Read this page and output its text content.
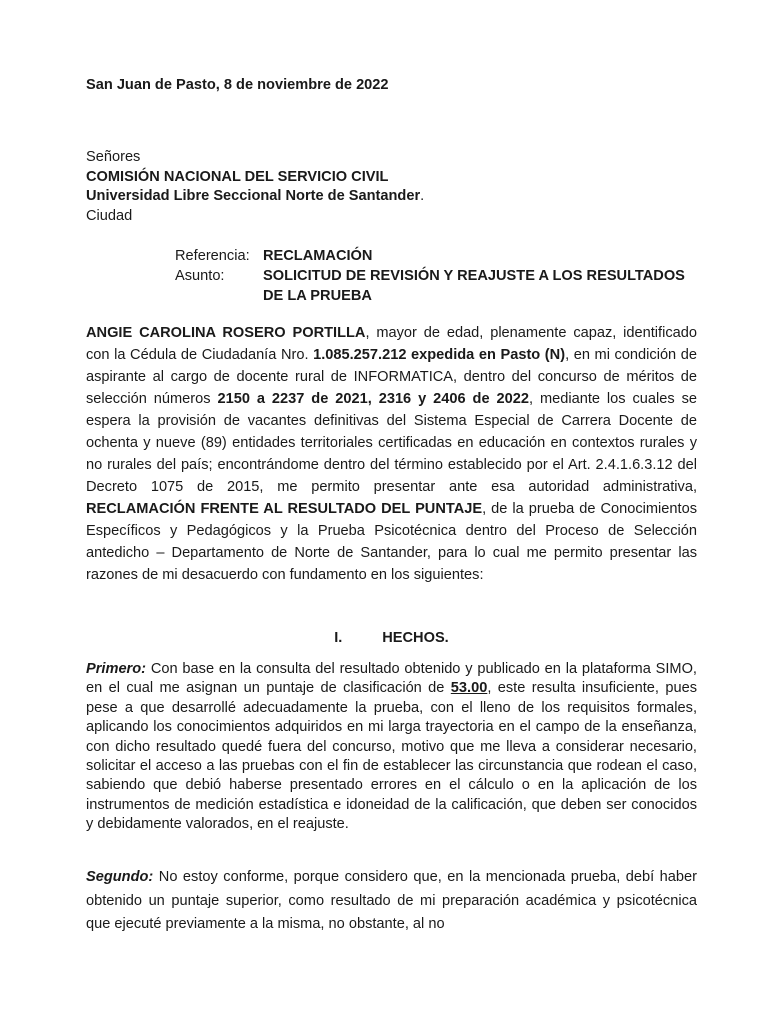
San Juan de Pasto, 8 de noviembre de 2022

Señores
COMISIÓN NACIONAL DEL SERVICIO CIVIL
Universidad Libre Seccional Norte de Santander.
Ciudad
Referencia: RECLAMACIÓN
Asunto:	SOLICITUD DE REVISIÓN Y REAJUSTE A LOS RESULTADOS DE LA PRUEBA

ANGIE CAROLINA ROSERO PORTILLA, mayor de edad, plenamente capaz, identificado con la Cédula de Ciudadanía Nro. 1.085.257.212 expedida en Pasto (N), en mi condición de aspirante al cargo de docente rural de INFORMATICA, dentro del concurso de méritos de selección números 2150 a 2237 de 2021, 2316 y 2406 de 2022, mediante los cuales se espera la provisión de vacantes definitivas del Sistema Especial de Carrera Docente de ochenta y nueve (89) entidades territoriales certificadas en educación en contextos rurales y no rurales del país; encontrándome dentro del término establecido por el Art. 2.4.1.6.3.12 del Decreto 1075 de 2015, me permito presentar ante esa autoridad administrativa, RECLAMACIÓN FRENTE AL RESULTADO DEL PUNTAJE, de la prueba de Conocimientos Específicos y Pedagógicos y la Prueba Psicotécnica dentro del Proceso de Selección antedicho – Departamento de Norte de Santander, para lo cual me permito presentar las razones de mi desacuerdo con fundamento en los siguientes:

I.	HECHOS.

Primero: Con base en la consulta del resultado obtenido y publicado en la plataforma SIMO, en el cual me asignan un puntaje de clasificación de 53.00, este resulta insuficiente, pues pese a que desarrollé adecuadamente la prueba, con el lleno de los requisitos formales, aplicando los conocimientos adquiridos en mi larga trayectoria en el campo de la enseñanza, con dicho resultado quedé fuera del concurso, motivo que me lleva a considerar necesario, solicitar el acceso a las pruebas con el fin de establecer las circunstancia que rodean el caso, sabiendo que debió haberse presentado errores en el cálculo o en la aplicación de los instrumentos de medición estadística e idoneidad de la calificación, que deben ser conocidos y debidamente valorados, en el reajuste.

Segundo: No estoy conforme, porque considero que, en la mencionada prueba, debí haber obtenido un puntaje superior, como resultado de mi preparación académica y psicotécnica que ejecuté previamente a la misma, no obstante, al no
